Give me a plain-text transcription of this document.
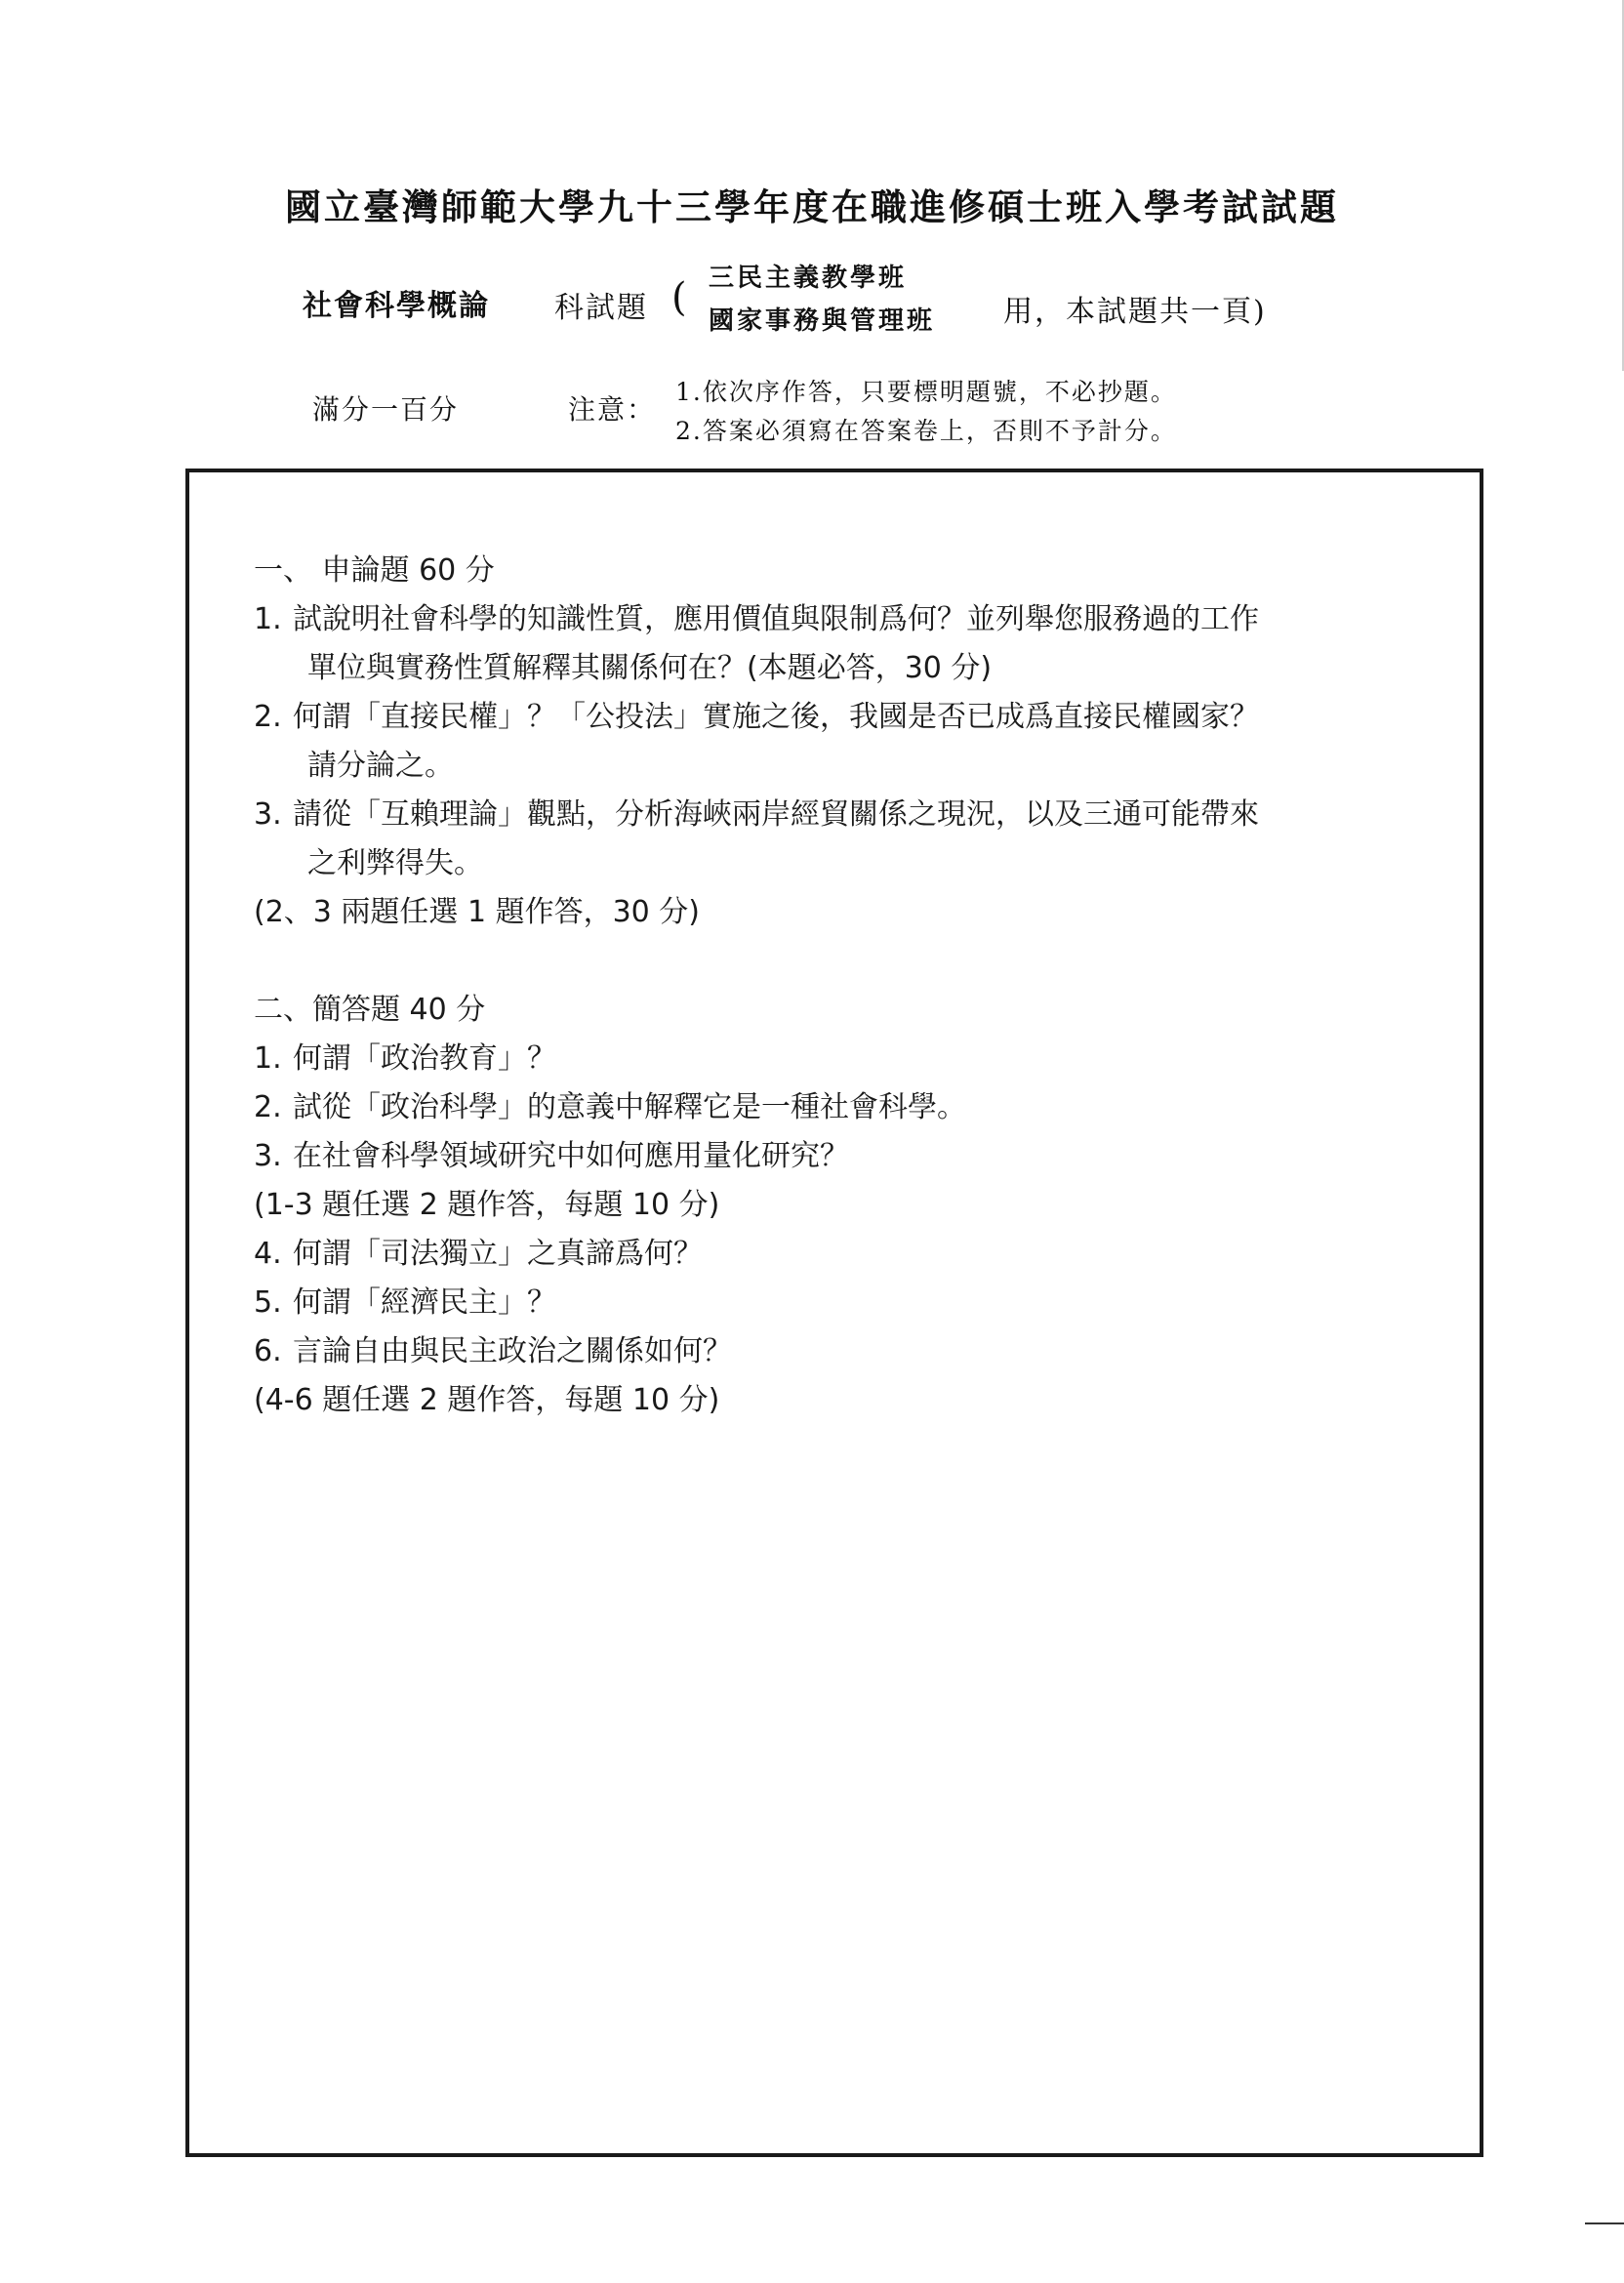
國立臺灣師範大學九十三學年度在職進修碩士班入學考試試題
社會科學概論 科試題 ( 三民主義教學班
國家事務與管理班 用，本試題共一頁)
滿分一百分	注意：
1.依次序作答，只要標明題號，不必抄題。
2.答案必須寫在答案卷上，否則不予計分。
一、 申論題 60 分
1. 試說明社會科學的知識性質，應用價值與限制爲何？並列舉您服務過的工作
單位與實務性質解釋其關係何在？(本題必答，30 分)
2. 何謂「直接民權」？「公投法」實施之後，我國是否已成爲直接民權國家？
請分論之。
3. 請從「互賴理論」觀點，分析海峽兩岸經貿關係之現況，以及三通可能帶來
之利弊得失。
(2、3 兩題任選 1 題作答，30 分)
二、簡答題 40 分
1. 何謂「政治教育」？
2. 試從「政治科學」的意義中解釋它是一種社會科學。
3. 在社會科學領域研究中如何應用量化研究？
(1-3 題任選 2 題作答，每題 10 分)
4. 何謂「司法獨立」之真諦爲何？
5. 何謂「經濟民主」？
6. 言論自由與民主政治之關係如何？
(4-6 題任選 2 題作答，每題 10 分)
